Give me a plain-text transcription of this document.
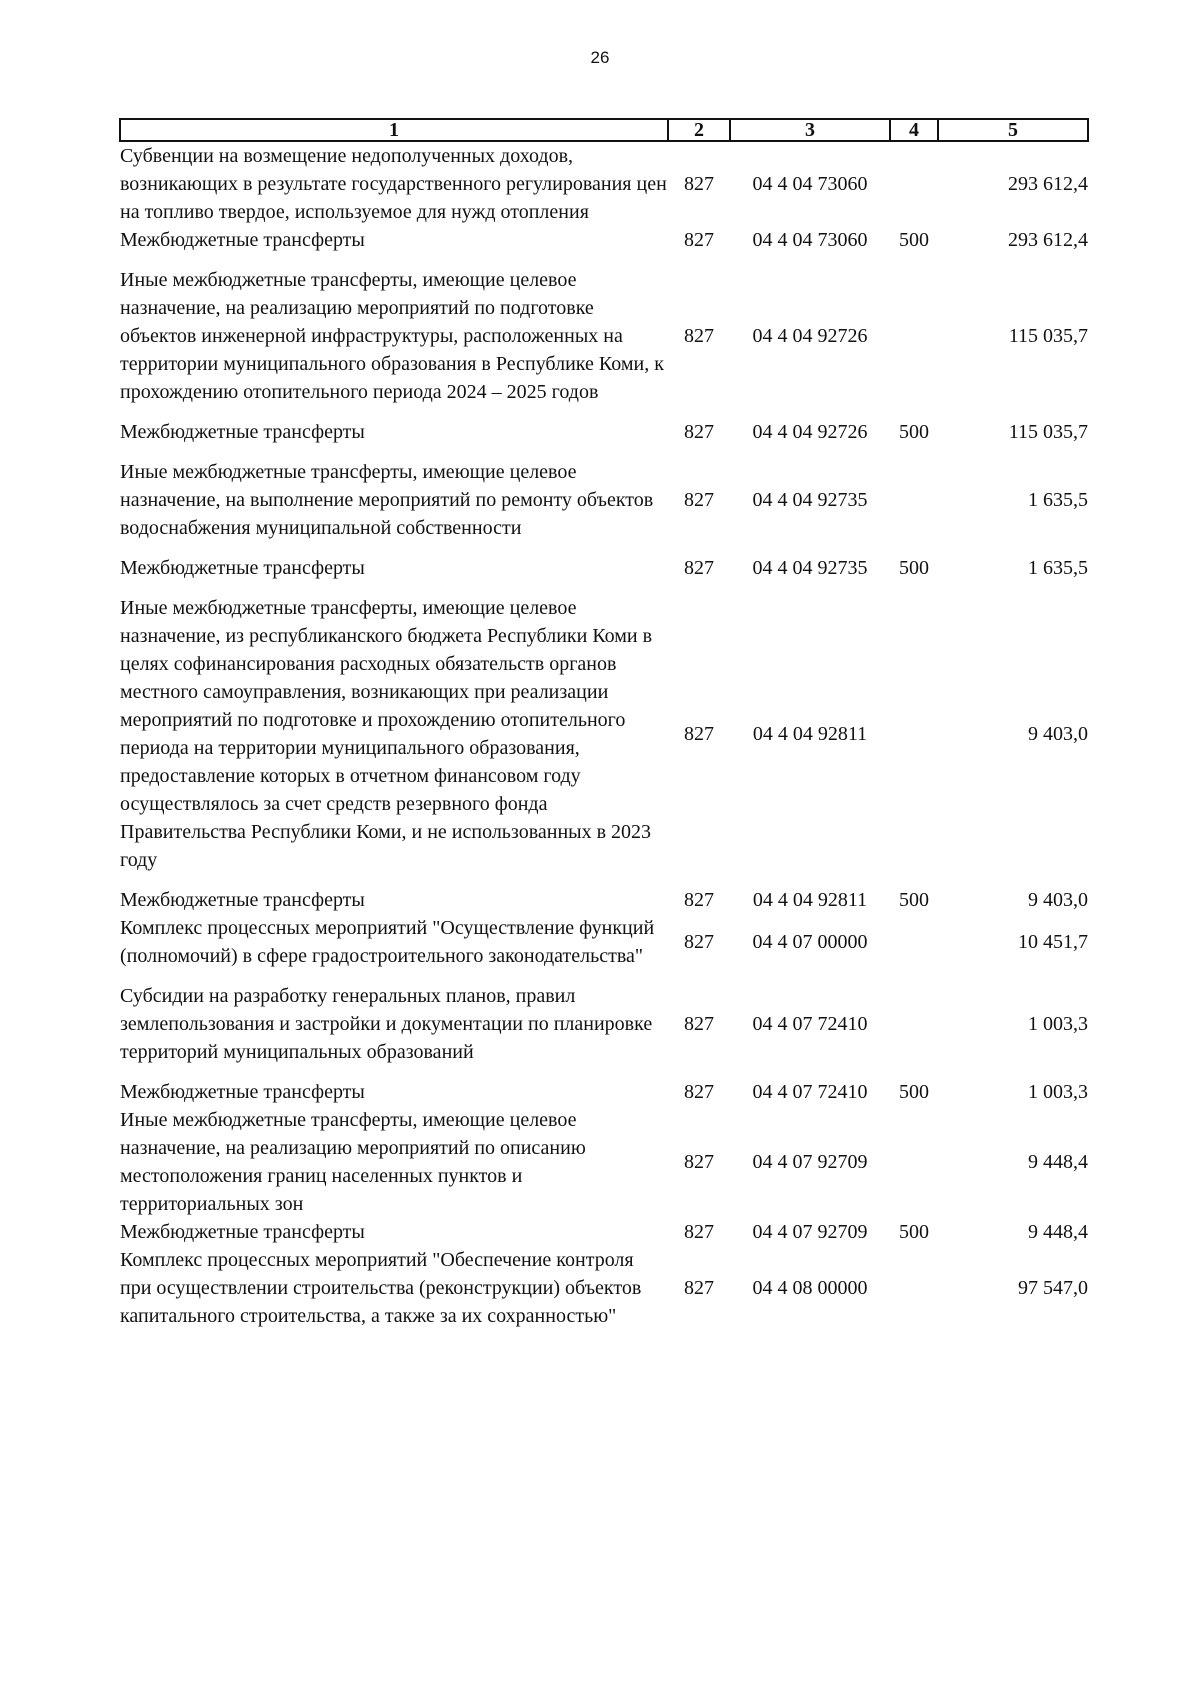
26
1	2	3	4	5
Субвенции на возмещение недополученных доходов, возникающих в результате государственного регулирования цен на топливо твердое, используемое для нужд отопления	827	04 4 04 73060		293 612,4
Межбюджетные трансферты	827	04 4 04 73060	500	293 612,4
Иные межбюджетные трансферты, имеющие целевое назначение, на реализацию мероприятий по подготовке объектов инженерной инфраструктуры, расположенных на территории муниципального образования в Республике Коми, к прохождению отопительного периода 2024 – 2025 годов	827	04 4 04 92726		115 035,7
Межбюджетные трансферты	827	04 4 04 92726	500	115 035,7
Иные межбюджетные трансферты, имеющие целевое назначение, на выполнение мероприятий по ремонту объектов водоснабжения муниципальной собственности	827	04 4 04 92735		1 635,5
Межбюджетные трансферты	827	04 4 04 92735	500	1 635,5
Иные межбюджетные трансферты, имеющие целевое назначение, из республиканского бюджета Республики Коми в целях софинансирования расходных обязательств органов местного самоуправления, возникающих при реализации мероприятий по подготовке и прохождению отопительного периода на территории муниципального образования, предоставление которых в отчетном финансовом году осуществлялось за счет средств резервного фонда Правительства Республики Коми, и не использованных в 2023 году	827	04 4 04 92811		9 403,0
Межбюджетные трансферты	827	04 4 04 92811	500	9 403,0
Комплекс процессных мероприятий "Осуществление функций (полномочий) в сфере градостроительного законодательства"	827	04 4 07 00000		10 451,7
Субсидии на разработку генеральных планов, правил землепользования и застройки и документации по планировке территорий муниципальных образований	827	04 4 07 72410		1 003,3
Межбюджетные трансферты	827	04 4 07 72410	500	1 003,3
Иные межбюджетные трансферты, имеющие целевое назначение, на реализацию мероприятий по описанию местоположения границ населенных пунктов и территориальных зон	827	04 4 07 92709		9 448,4
Межбюджетные трансферты	827	04 4 07 92709	500	9 448,4
Комплекс процессных мероприятий "Обеспечение контроля при осуществлении строительства (реконструкции) объектов капитального строительства, а также за их сохранностью"	827	04 4 08 00000		97 547,0
